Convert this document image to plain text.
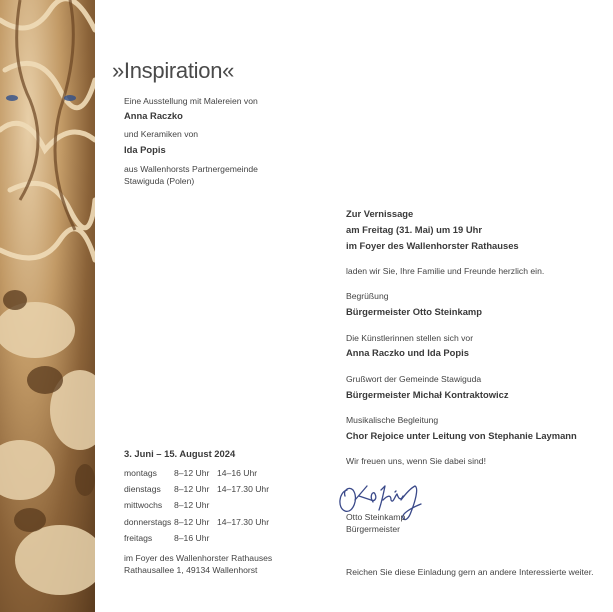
»Inspiration«
Eine Ausstellung mit Malereien von
Anna Raczko
und Keramiken von
Ida Popis
aus Wallenhorsts Partnergemeinde
Stawiguda (Polen)
Zur Vernissage
am Freitag (31. Mai) um 19 Uhr
im Foyer des Wallenhorster Rathauses
laden wir Sie, Ihre Familie und Freunde herzlich ein.
Begrüßung
Bürgermeister Otto Steinkamp
Die Künstlerinnen stellen sich vor
Anna Raczko und Ida Popis
Grußwort der Gemeinde Stawiguda
Bürgermeister Michał Kontraktowicz
Musikalische Begleitung
Chor Rejoice unter Leitung von Stephanie Laymann
Wir freuen uns, wenn Sie dabei sind!
Otto Steinkamp
Bürgermeister
3. Juni – 15. August 2024
montags	8–12 Uhr	14–16 Uhr
dienstags	8–12 Uhr	14–17.30 Uhr
mittwochs	8–12 Uhr	
donnerstags	8–12 Uhr	14–17.30 Uhr
freitags	8–16 Uhr	
im Foyer des Wallenhorster Rathauses
Rathausallee 1, 49134 Wallenhorst	Reichen Sie diese Einladung gern an andere Interessierte weiter.
